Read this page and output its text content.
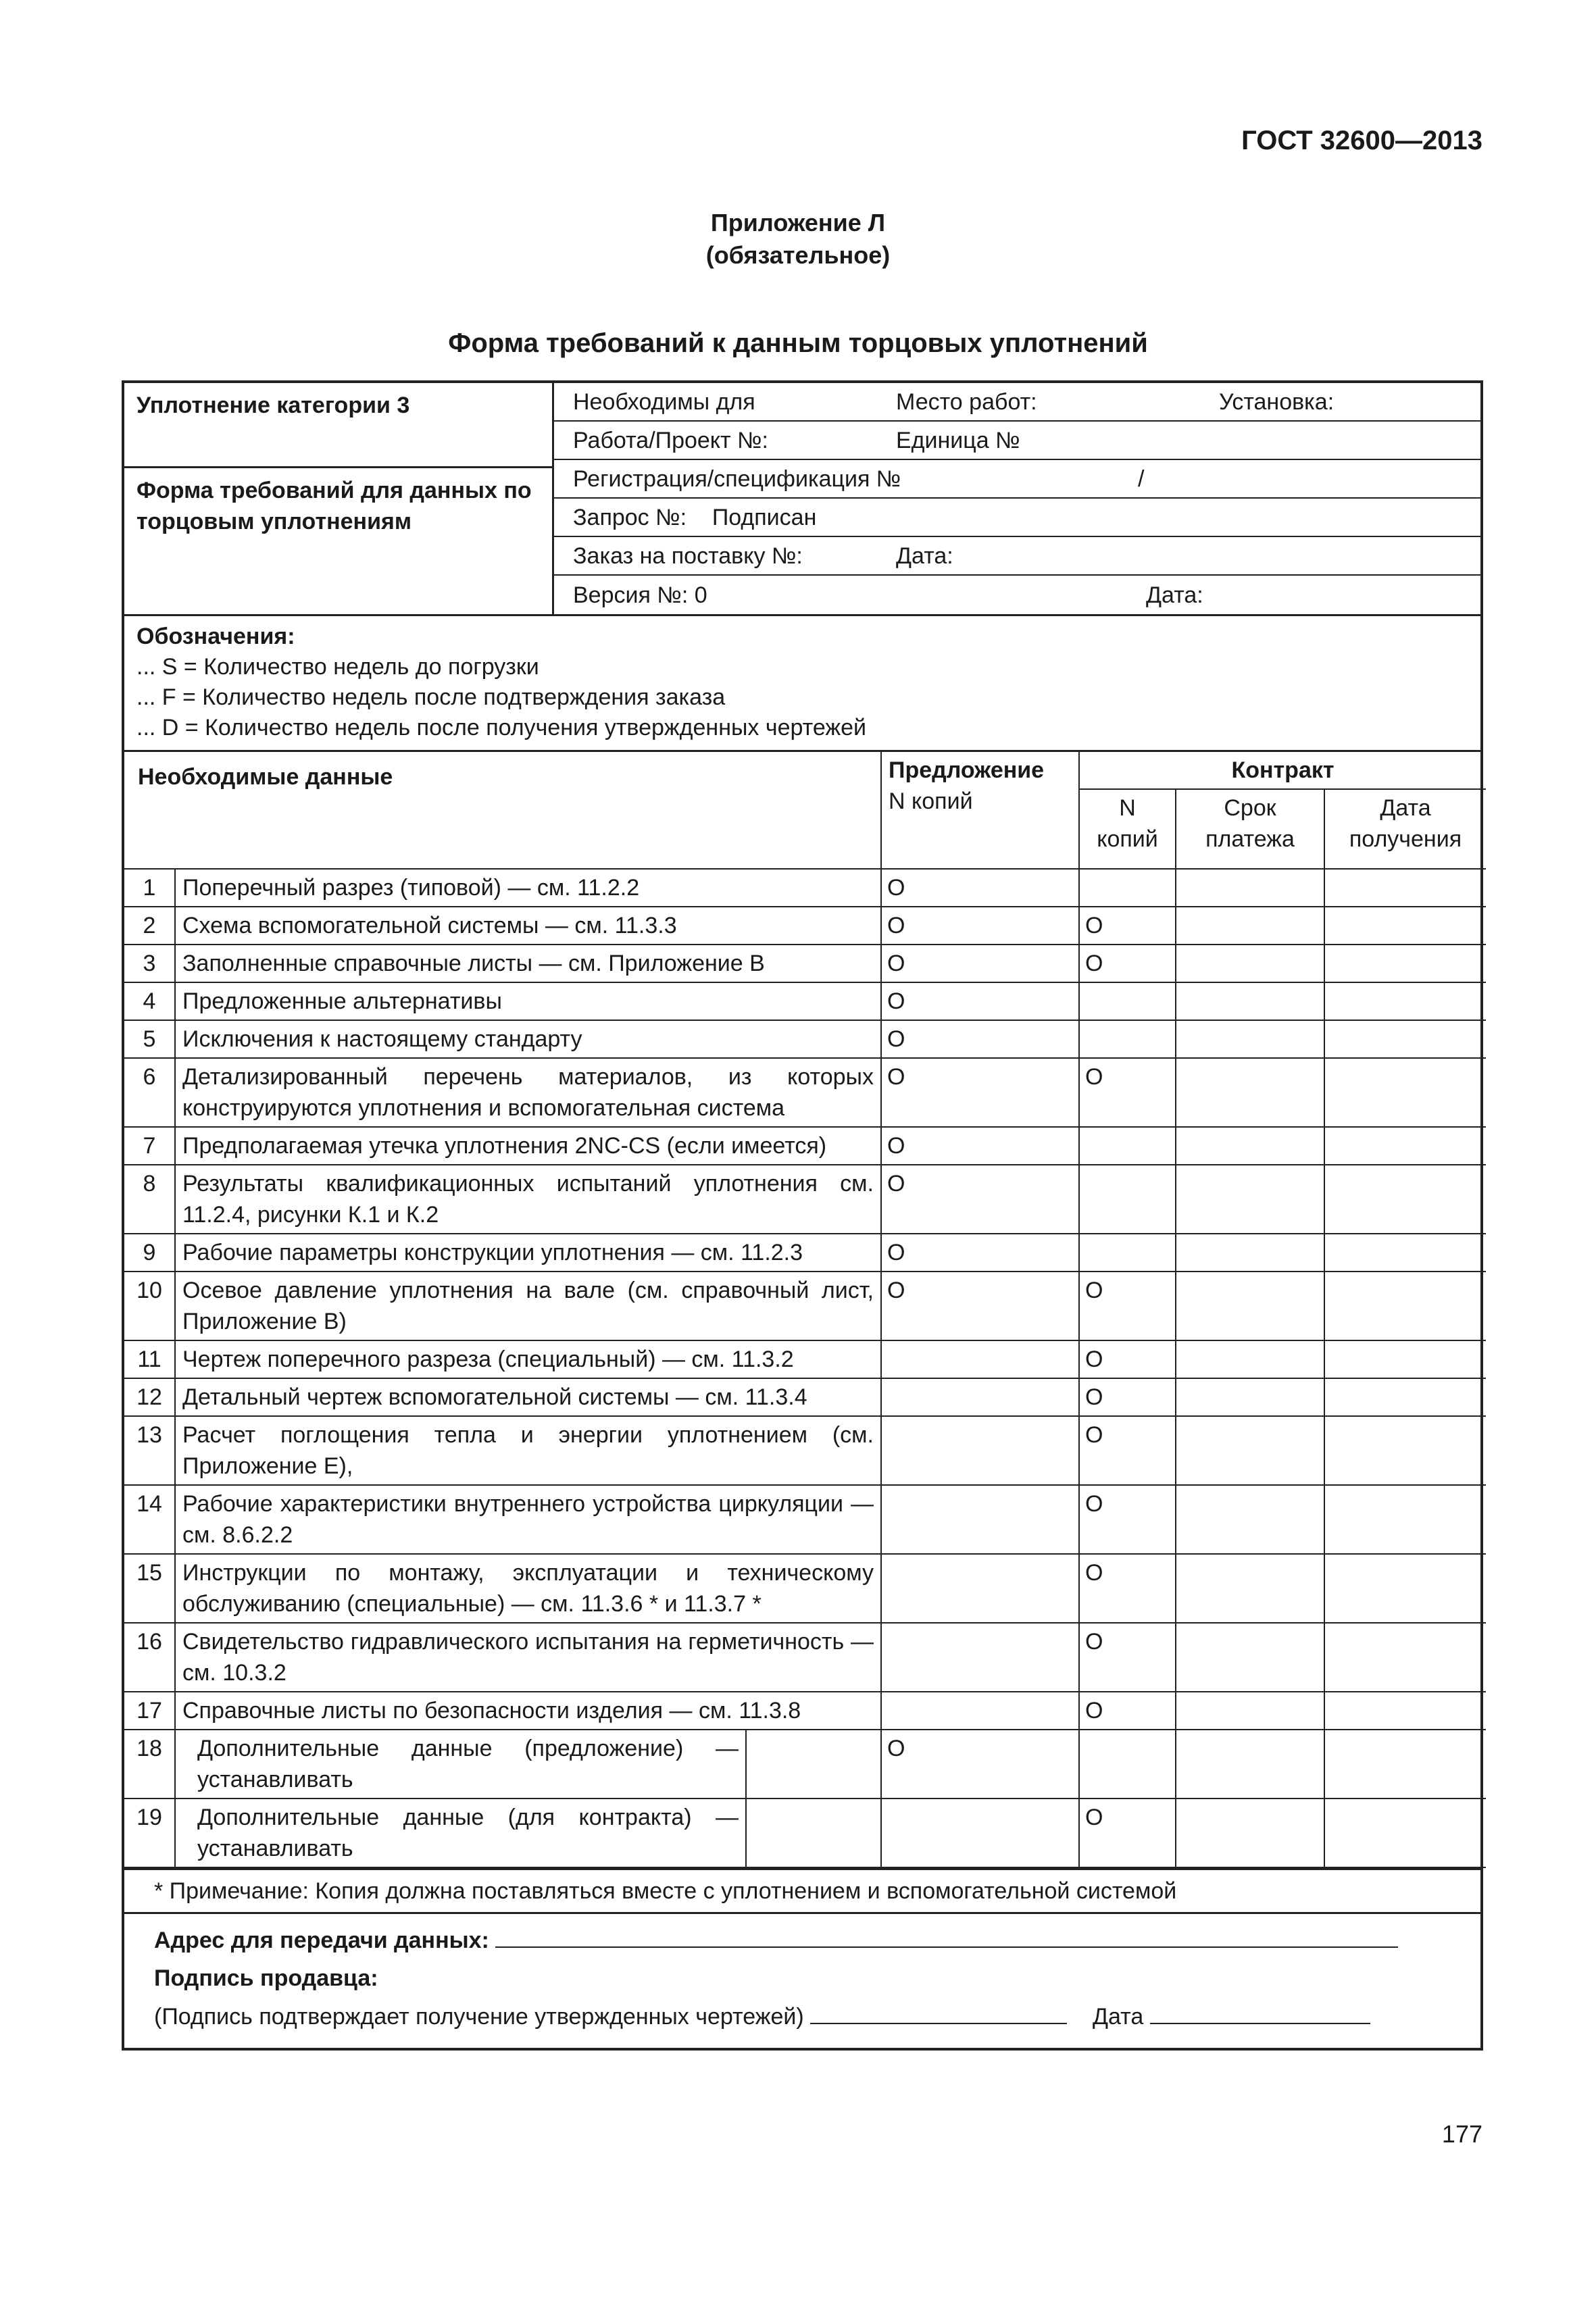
ГОСТ 32600—2013
Приложение Л
(обязательное)
Форма требований к данным торцовых уплотнений
Уплотнение категории 3
Форма требований для данных по торцовым уплотнениям
Необходимы для	Место работ:	Установка:
Работа/Проект №:	Единица №
Регистрация/спецификация №	/
Запрос №:    Подписан
Заказ на поставку №:	Дата:
Версия №: 0	Дата:
Обозначения:
... S = Количество недель до погрузки
... F = Количество недель после подтверждения заказа
... D = Количество недель после получения утвержденных чертежей
Необходимые данные			Предложение
N копий	Контракт		
				N копий	Срок платежа	Дата получения
1	Поперечный разрез (типовой) — см. 11.2.2		O			
2	Схема вспомогательной системы — см. 11.3.3		O	O		
3	Заполненные справочные листы — см. Приложение В		O	O		
4	Предложенные альтернативы		O			
5	Исключения к настоящему стандарту		O			
6	Детализированный перечень материалов, из которых конструируются уплотнения и вспомогательная система		O	O		
7	Предполагаемая утечка уплотнения 2NC-CS (если имеется)		O			
8	Результаты квалификационных испытаний уплотнения см. 11.2.4, рисунки К.1 и К.2		O			
9	Рабочие параметры конструкции уплотнения — см. 11.2.3		O			
10	Осевое давление уплотнения на вале (см. справочный лист, Приложение В)		O	O		
11	Чертеж поперечного разреза (специальный) — см. 11.3.2			O		
12	Детальный чертеж вспомогательной системы — см. 11.3.4			O		
13	Расчет поглощения тепла и энергии уплотнением (см. Приложение Е),			O		
14	Рабочие характеристики внутреннего устройства циркуляции — см. 8.6.2.2			O		
15	Инструкции по монтажу, эксплуатации и техническому обслуживанию (специальные) — см. 11.3.6 * и 11.3.7 *			O		
16	Свидетельство гидравлического испытания на герметичность — см. 10.3.2			O		
17	Справочные листы по безопасности изделия — см. 11.3.8			O		
18	Дополнительные данные (предложение) — устанавливать		O			
19	Дополнительные данные (для контракта) — устанавливать			O		
* Примечание: Копия должна поставляться вместе с уплотнением и вспомогательной системой
Адрес для передачи данных:
Подпись продавца:
(Подпись подтверждает получение утвержденных чертежей)	Дата
177
